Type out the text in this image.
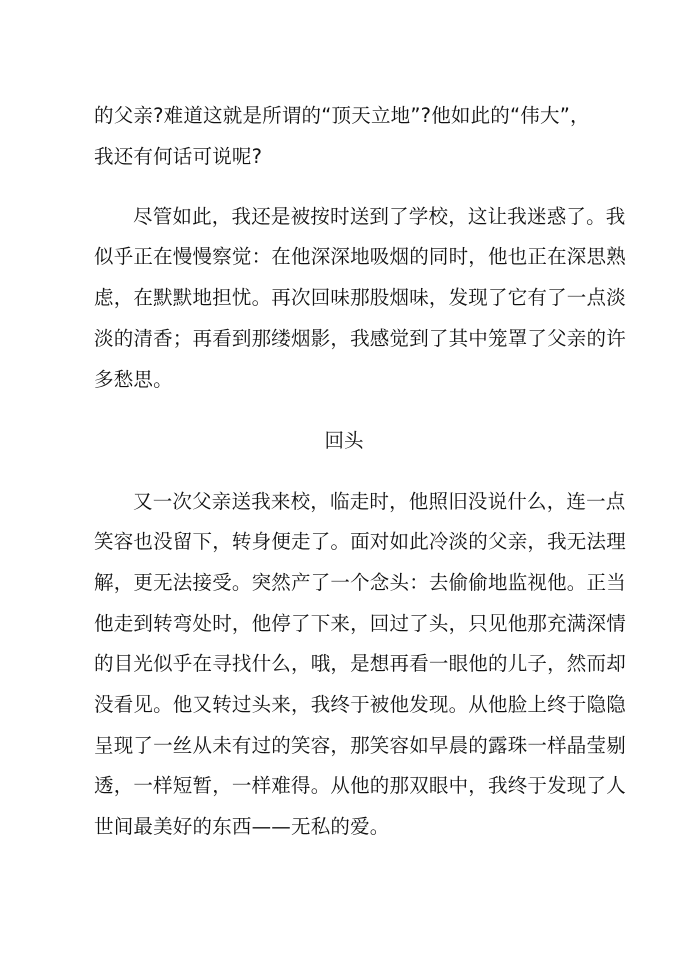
的父亲?难道这就是所谓的“顶天立地”?他如此的“伟大”，

我还有何话可说呢?

尽管如此，我还是被按时送到了学校，这让我迷惑了。我

似乎正在慢慢察觉：在他深深地吸烟的同时，他也正在深思熟

虑，在默默地担忧。再次回味那股烟味，发现了它有了一点淡

淡的清香；再看到那缕烟影，我感觉到了其中笼罩了父亲的许

多愁思。

回头

又一次父亲送我来校，临走时，他照旧没说什么，连一点

笑容也没留下，转身便走了。面对如此冷淡的父亲，我无法理

解，更无法接受。突然产了一个念头：去偷偷地监视他。正当

他走到转弯处时，他停了下来，回过了头，只见他那充满深情

的目光似乎在寻找什么，哦，是想再看一眼他的儿子，然而却

没看见。他又转过头来，我终于被他发现。从他脸上终于隐隐

呈现了一丝从未有过的笑容，那笑容如早晨的露珠一样晶莹剔

透，一样短暂，一样难得。从他的那双眼中，我终于发现了人

世间最美好的东西——无私的爱。
